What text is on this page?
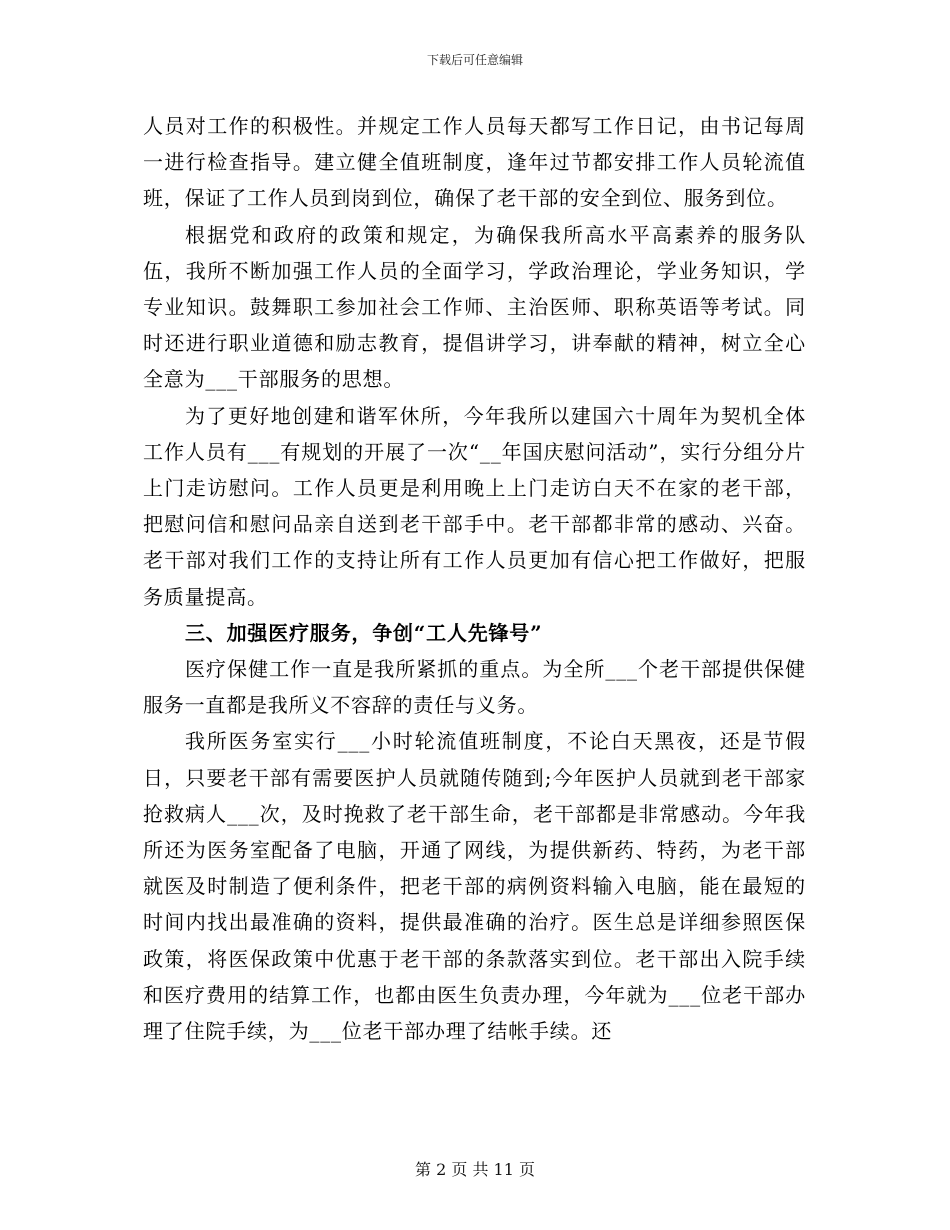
下载后可任意编辑

人员对工作的积极性。并规定工作人员每天都写工作日记，由书记每周一进行检查指导。建立健全值班制度，逢年过节都安排工作人员轮流值班，保证了工作人员到岗到位，确保了老干部的安全到位、服务到位。

根据党和政府的政策和规定，为确保我所高水平高素养的服务队伍，我所不断加强工作人员的全面学习，学政治理论，学业务知识，学专业知识。鼓舞职工参加社会工作师、主治医师、职称英语等考试。同时还进行职业道德和励志教育，提倡讲学习，讲奉献的精神，树立全心全意为___干部服务的思想。

为了更好地创建和谐军休所，今年我所以建国六十周年为契机全体工作人员有___有规划的开展了一次“__年国庆慰问活动”，实行分组分片上门走访慰问。工作人员更是利用晚上上门走访白天不在家的老干部，把慰问信和慰问品亲自送到老干部手中。老干部都非常的感动、兴奋。老干部对我们工作的支持让所有工作人员更加有信心把工作做好，把服务质量提高。

三、加强医疗服务，争创“工人先锋号”

医疗保健工作一直是我所紧抓的重点。为全所___个老干部提供保健服务一直都是我所义不容辞的责任与义务。

我所医务室实行___小时轮流值班制度，不论白天黑夜，还是节假日，只要老干部有需要医护人员就随传随到;今年医护人员就到老干部家抢救病人___次，及时挽救了老干部生命，老干部都是非常感动。今年我所还为医务室配备了电脑，开通了网线，为提供新药、特药，为老干部就医及时制造了便利条件，把老干部的病例资料输入电脑，能在最短的时间内找出最准确的资料，提供最准确的治疗。医生总是详细参照医保政策，将医保政策中优惠于老干部的条款落实到位。老干部出入院手续和医疗费用的结算工作，也都由医生负责办理，今年就为___位老干部办理了住院手续，为___位老干部办理了结帐手续。还

第 2 页 共 11 页
